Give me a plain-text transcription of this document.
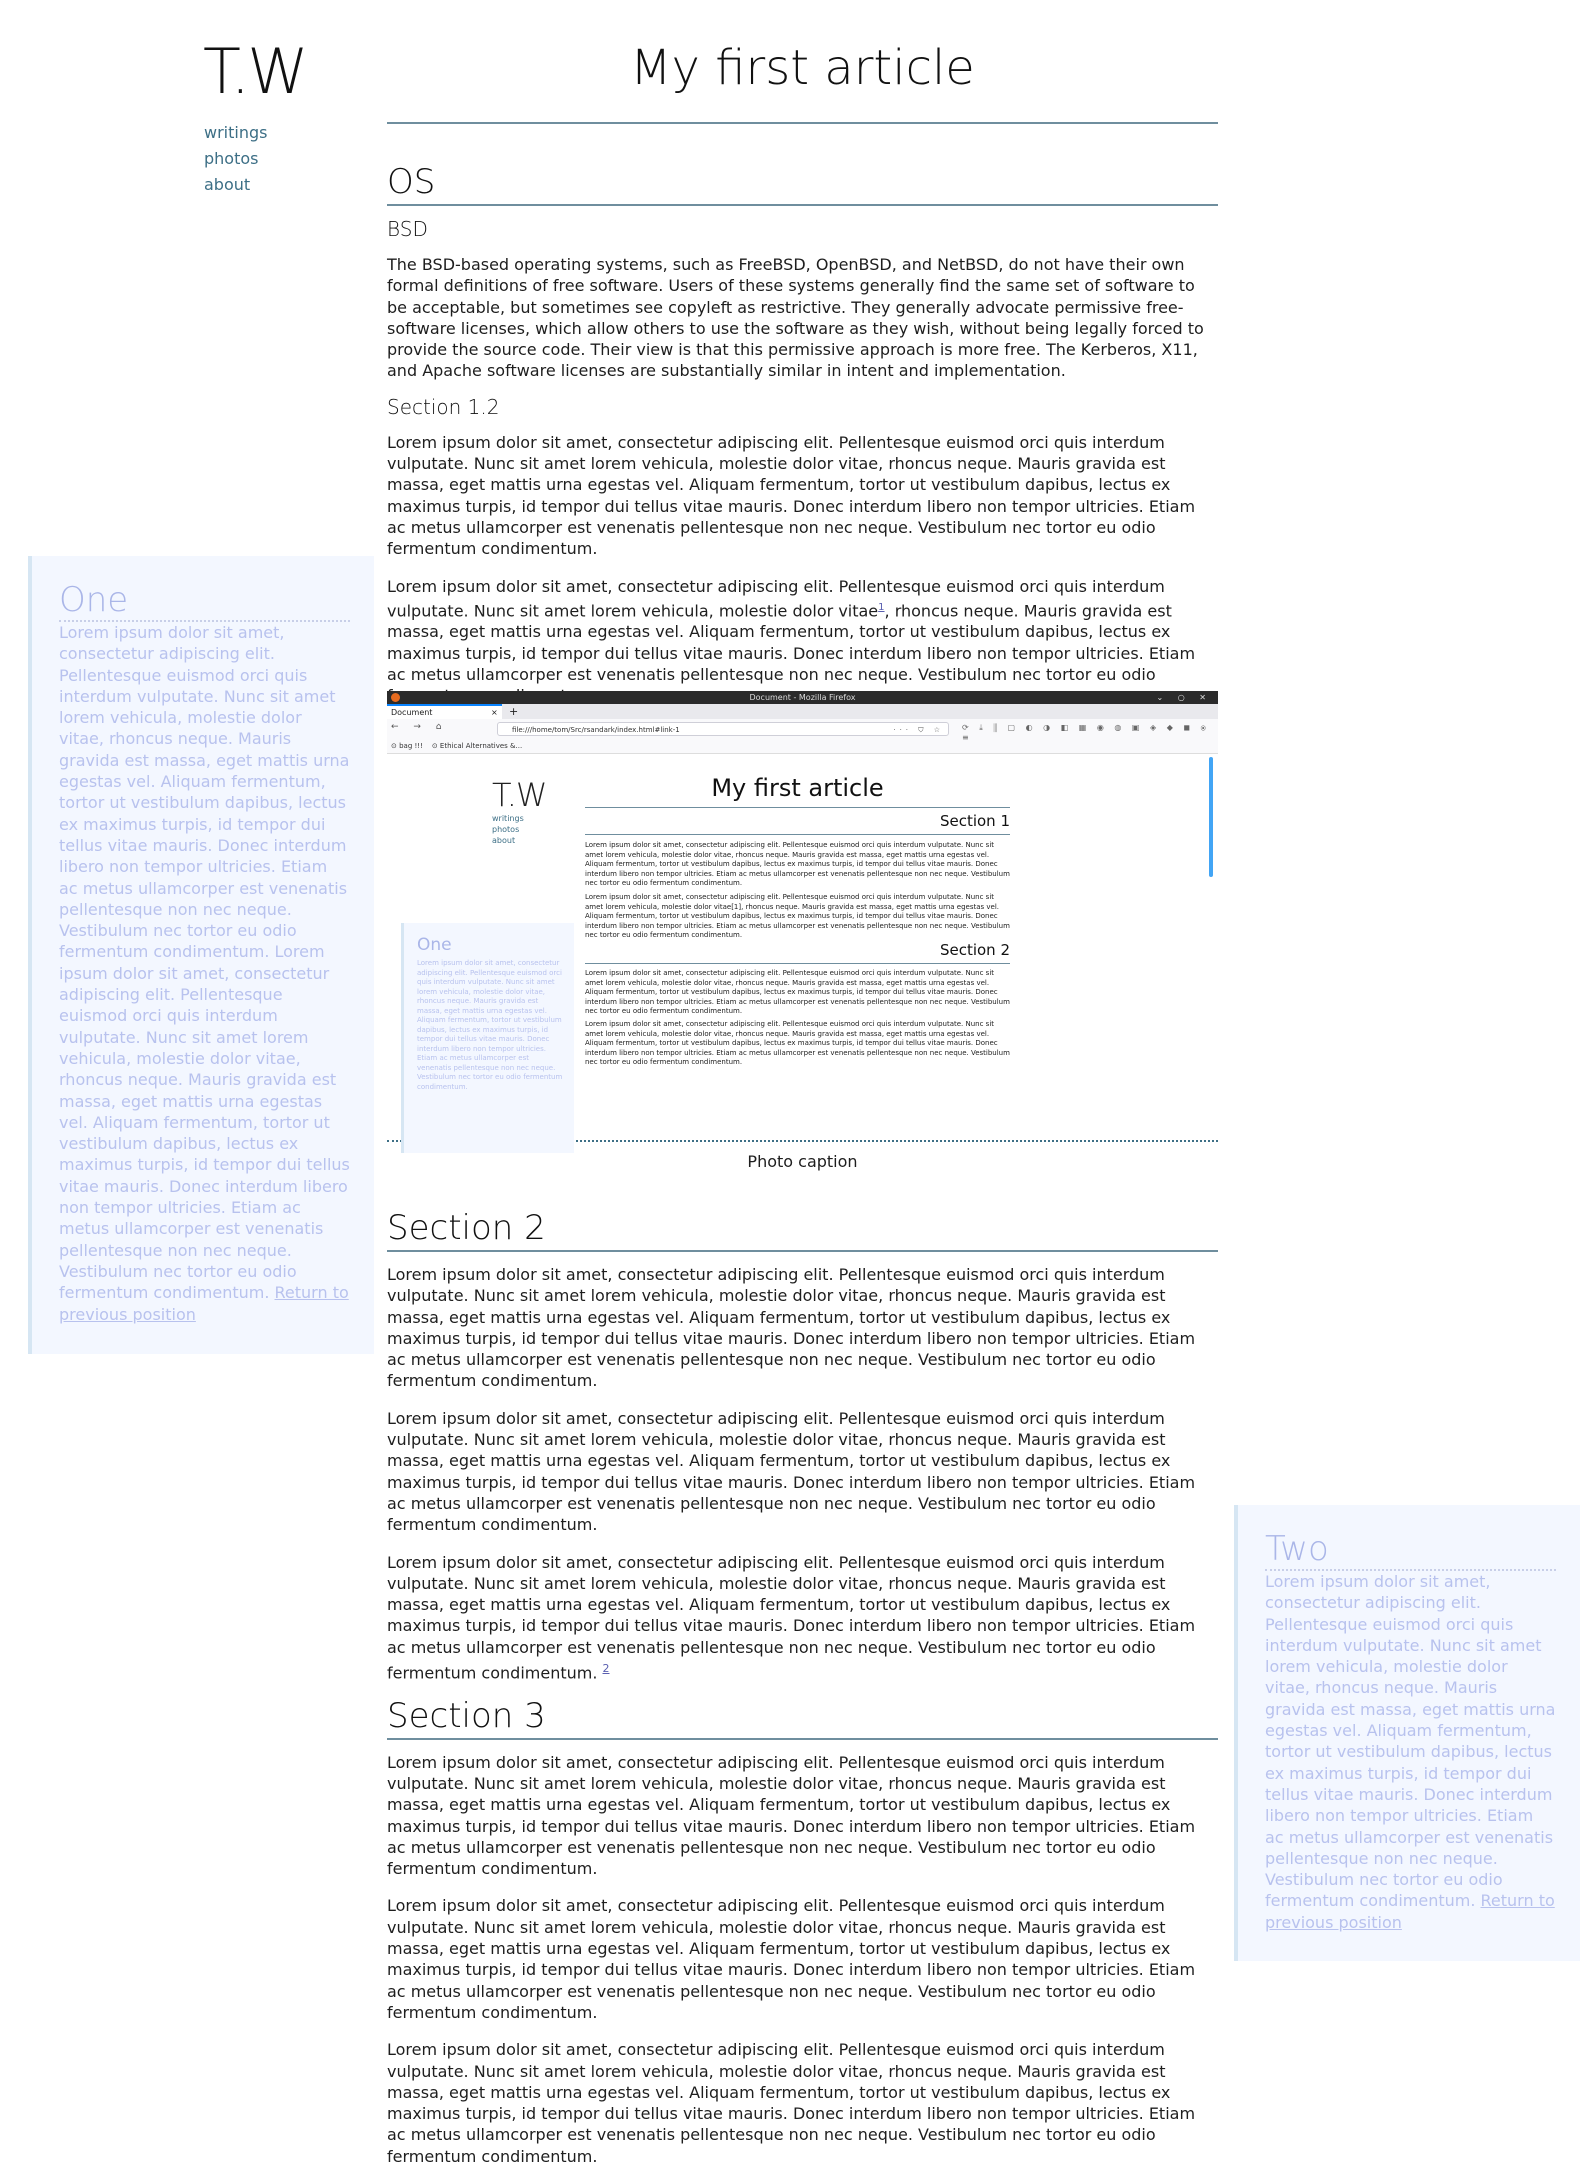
T.W
writings
photos
about
My first article
OS
BSD

The BSD-based operating systems, such as FreeBSD, OpenBSD, and NetBSD, do not have their own formal definitions of free software. Users of these systems generally find the same set of software to be acceptable, but sometimes see copyleft as restrictive. They generally advocate permissive free-software licenses, which allow others to use the software as they wish, without being legally forced to provide the source code. Their view is that this permissive approach is more free. The Kerberos, X11, and Apache software licenses are substantially similar in intent and implementation.

Section 1.2

Lorem ipsum dolor sit amet, consectetur adipiscing elit. Pellentesque euismod orci quis interdum vulputate. Nunc sit amet lorem vehicula, molestie dolor vitae, rhoncus neque. Mauris gravida est massa, eget mattis urna egestas vel. Aliquam fermentum, tortor ut vestibulum dapibus, lectus ex maximus turpis, id tempor dui tellus vitae mauris. Donec interdum libero non tempor ultricies. Etiam ac metus ullamcorper est venenatis pellentesque non nec neque. Vestibulum nec tortor eu odio fermentum condimentum.

Lorem ipsum dolor sit amet, consectetur adipiscing elit. Pellentesque euismod orci quis interdum vulputate. Nunc sit amet lorem vehicula, molestie dolor vitae$^1$, rhoncus neque. Mauris gravida est massa, eget mattis urna egestas vel. Aliquam fermentum, tortor ut vestibulum dapibus, lectus ex maximus turpis, id tempor dui tellus vitae mauris. Donec interdum libero non tempor ultricies. Etiam ac metus ullamcorper est venenatis pellentesque non nec neque. Vestibulum nec tortor eu odio

Document - Mozilla Firefox	⌄ ○ ✕
Document	× +
← → ⌂	file:///home/tom/Src/rsandark/index.html#link-1	··· ⛉ ☆ ⟳ ⤓ ⫼ ▢ ◐ ◑ ◧ ▦ ◉ ◍ ▣ ◈ ◆ ◼ ⦿ ≡
⊙ bag !!! ⊙ Ethical Alternatives &...
T.W
writings
photos
about
My first article
Section 1
Lorem ipsum dolor sit amet, consectetur adipiscing elit. Pellentesque euismod orci quis interdum vulputate. Nunc sit amet lorem vehicula, molestie dolor vitae, rhoncus neque. Mauris gravida est massa, eget mattis urna egestas vel. Aliquam fermentum, tortor ut vestibulum dapibus, lectus ex maximus turpis, id tempor dui tellus vitae mauris. Donec interdum libero non tempor ultricies. Etiam ac metus ullamcorper est venenatis pellentesque non nec neque. Vestibulum nec tortor eu odio fermentum condimentum.
Lorem ipsum dolor sit amet, consectetur adipiscing elit. Pellentesque euismod orci quis interdum vulputate. Nunc sit amet lorem vehicula, molestie dolor vitae[1], rhoncus neque. Mauris gravida est massa, eget mattis urna egestas vel. Aliquam fermentum, tortor ut vestibulum dapibus, lectus ex maximus turpis, id tempor dui tellus vitae mauris. Donec interdum libero non tempor ultricies. Etiam ac metus ullamcorper est venenatis pellentesque non nec neque. Vestibulum nec tortor eu odio fermentum condimentum.
Section 2
Lorem ipsum dolor sit amet, consectetur adipiscing elit. Pellentesque euismod orci quis interdum vulputate. Nunc sit amet lorem vehicula, molestie dolor vitae, rhoncus neque. Mauris gravida est massa, eget mattis urna egestas vel. Aliquam fermentum, tortor ut vestibulum dapibus, lectus ex maximus turpis, id tempor dui tellus vitae mauris. Donec interdum libero non tempor ultricies. Etiam ac metus ullamcorper est venenatis pellentesque non nec neque. Vestibulum nec tortor eu odio fermentum condimentum.
Lorem ipsum dolor sit amet, consectetur adipiscing elit. Pellentesque euismod orci quis interdum vulputate. Nunc sit amet lorem vehicula, molestie dolor vitae, rhoncus neque. Mauris gravida est massa, eget mattis urna egestas vel. Aliquam fermentum, tortor ut vestibulum dapibus, lectus ex maximus turpis, id tempor dui tellus vitae mauris. Donec interdum libero non tempor ultricies. Etiam ac metus ullamcorper est venenatis pellentesque non nec neque. Vestibulum nec tortor eu odio fermentum condimentum.
One
Lorem ipsum dolor sit amet, consectetur adipiscing elit. Pellentesque euismod orci quis interdum vulputate. Nunc sit amet lorem vehicula, molestie dolor vitae, rhoncus neque. Mauris gravida est massa, eget mattis urna egestas vel. Aliquam fermentum, tortor ut vestibulum dapibus, lectus ex maximus turpis, id tempor dui tellus vitae mauris. Donec interdum libero non tempor ultricies. Etiam ac metus ullamcorper est venenatis pellentesque non nec neque. Vestibulum nec tortor eu odio fermentum condimentum.
Photo caption
Section 2

Lorem ipsum dolor sit amet, consectetur adipiscing elit. Pellentesque euismod orci quis interdum vulputate. Nunc sit amet lorem vehicula, molestie dolor vitae, rhoncus neque. Mauris gravida est massa, eget mattis urna egestas vel. Aliquam fermentum, tortor ut vestibulum dapibus, lectus ex maximus turpis, id tempor dui tellus vitae mauris. Donec interdum libero non tempor ultricies. Etiam ac metus ullamcorper est venenatis pellentesque non nec neque. Vestibulum nec tortor eu odio fermentum condimentum.

Lorem ipsum dolor sit amet, consectetur adipiscing elit. Pellentesque euismod orci quis interdum vulputate. Nunc sit amet lorem vehicula, molestie dolor vitae, rhoncus neque. Mauris gravida est massa, eget mattis urna egestas vel. Aliquam fermentum, tortor ut vestibulum dapibus, lectus ex maximus turpis, id tempor dui tellus vitae mauris. Donec interdum libero non tempor ultricies. Etiam ac metus ullamcorper est venenatis pellentesque non nec neque. Vestibulum nec tortor eu odio fermentum condimentum.

Lorem ipsum dolor sit amet, consectetur adipiscing elit. Pellentesque euismod orci quis interdum vulputate. Nunc sit amet lorem vehicula, molestie dolor vitae, rhoncus neque. Mauris gravida est massa, eget mattis urna egestas vel. Aliquam fermentum, tortor ut vestibulum dapibus, lectus ex maximus turpis, id tempor dui tellus vitae mauris. Donec interdum libero non tempor ultricies. Etiam ac metus ullamcorper est venenatis pellentesque non nec neque. Vestibulum nec tortor eu odio fermentum condimentum. $^2$

Section 3

Lorem ipsum dolor sit amet, consectetur adipiscing elit. Pellentesque euismod orci quis interdum vulputate. Nunc sit amet lorem vehicula, molestie dolor vitae, rhoncus neque. Mauris gravida est massa, eget mattis urna egestas vel. Aliquam fermentum, tortor ut vestibulum dapibus, lectus ex maximus turpis, id tempor dui tellus vitae mauris. Donec interdum libero non tempor ultricies. Etiam ac metus ullamcorper est venenatis pellentesque non nec neque. Vestibulum nec tortor eu odio fermentum condimentum.

Lorem ipsum dolor sit amet, consectetur adipiscing elit. Pellentesque euismod orci quis interdum vulputate. Nunc sit amet lorem vehicula, molestie dolor vitae, rhoncus neque. Mauris gravida est massa, eget mattis urna egestas vel. Aliquam fermentum, tortor ut vestibulum dapibus, lectus ex maximus turpis, id tempor dui tellus vitae mauris. Donec interdum libero non tempor ultricies. Etiam ac metus ullamcorper est venenatis pellentesque non nec neque. Vestibulum nec tortor eu odio fermentum condimentum.

Lorem ipsum dolor sit amet, consectetur adipiscing elit. Pellentesque euismod orci quis interdum vulputate. Nunc sit amet lorem vehicula, molestie dolor vitae, rhoncus neque. Mauris gravida est massa, eget mattis urna egestas vel. Aliquam fermentum, tortor ut vestibulum dapibus, lectus ex maximus turpis, id tempor dui tellus vitae mauris. Donec interdum libero non tempor ultricies. Etiam ac metus ullamcorper est venenatis pellentesque non nec neque. Vestibulum nec tortor eu odio fermentum condimentum.

One

Lorem ipsum dolor sit amet, consectetur adipiscing elit. Pellentesque euismod orci quis interdum vulputate. Nunc sit amet lorem vehicula, molestie dolor vitae, rhoncus neque. Mauris gravida est massa, eget mattis urna egestas vel. Aliquam fermentum, tortor ut vestibulum dapibus, lectus ex maximus turpis, id tempor dui tellus vitae mauris. Donec interdum libero non tempor ultricies. Etiam ac metus ullamcorper est venenatis pellentesque non nec neque. Vestibulum nec tortor eu odio fermentum condimentum. Lorem ipsum dolor sit amet, consectetur adipiscing elit. Pellentesque euismod orci quis interdum vulputate. Nunc sit amet lorem vehicula, molestie dolor vitae, rhoncus neque. Mauris gravida est massa, eget mattis urna egestas vel. Aliquam fermentum, tortor ut vestibulum dapibus, lectus ex maximus turpis, id tempor dui tellus vitae mauris. Donec interdum libero non tempor ultricies. Etiam ac metus ullamcorper est venenatis pellentesque non nec neque. Vestibulum nec tortor eu odio fermentum condimentum. Return to previous position

Two

Lorem ipsum dolor sit amet, consectetur adipiscing elit. Pellentesque euismod orci quis interdum vulputate. Nunc sit amet lorem vehicula, molestie dolor vitae, rhoncus neque. Mauris gravida est massa, eget mattis urna egestas vel. Aliquam fermentum, tortor ut vestibulum dapibus, lectus ex maximus turpis, id tempor dui tellus vitae mauris. Donec interdum libero non tempor ultricies. Etiam ac metus ullamcorper est venenatis pellentesque non nec neque. Vestibulum nec tortor eu odio fermentum condimentum. Return to previous position
